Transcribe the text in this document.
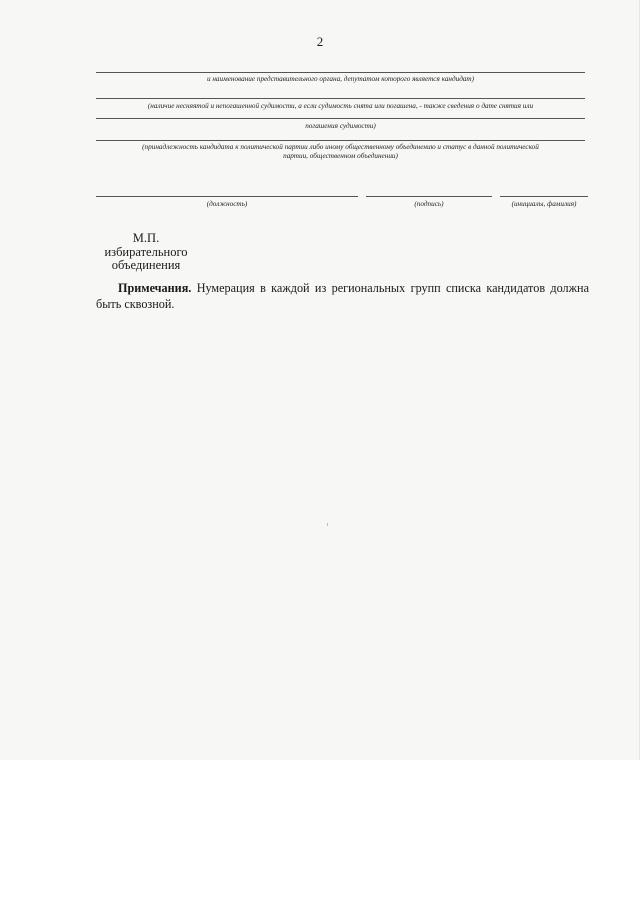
2
и наименование представительного органа, депутатом которого является кандидат)
(наличие несняятой и непогашенной судимости, а если судимость снята или погашена, - также сведения о дате снятия или
погашения судимости)
(принадлежность кандидата к политической партии либо иному общественному объединению и статус в данной политической
партии, общественном объединении)
(должность)	(подпись)	(инициалы, фамилия)
М.П.
избирательного
объединения
Примечания. Нумерация в каждой из региональных групп списка кандидатов должна быть сквозной.
